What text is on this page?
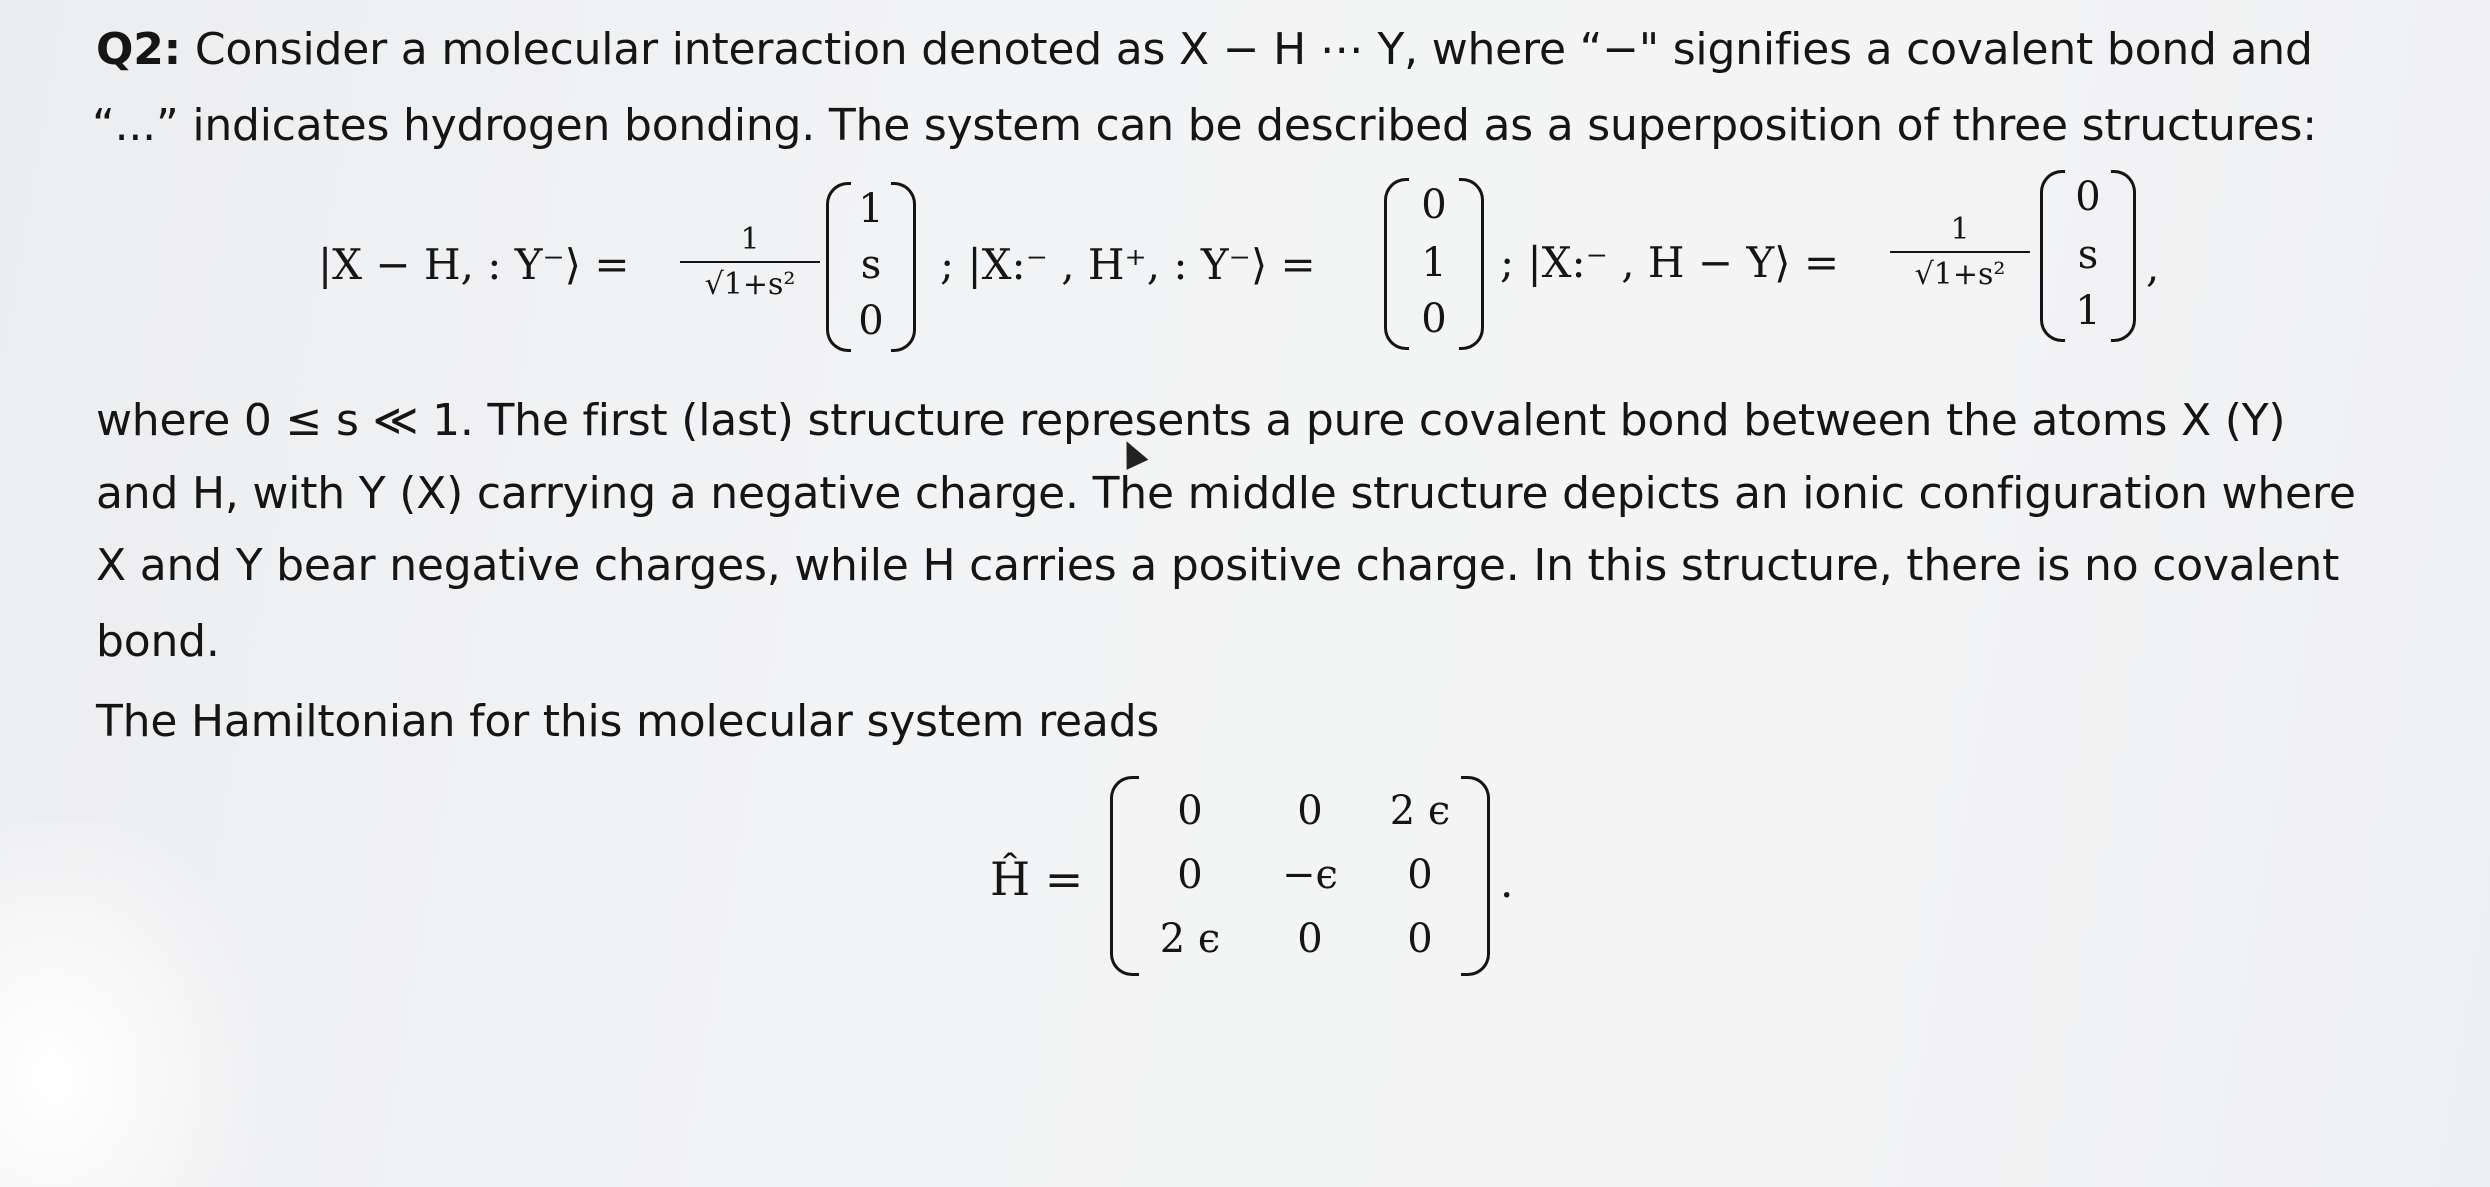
Q2: Consider a molecular interaction denoted as X − H ⋯ Y, where “−" signifies a covalent bond and
“...” indicates hydrogen bonding. The system can be described as a superposition of three structures:
|X − H, : Y⁻⟩ =
1
√1+s²
1
s
0
; |X:⁻ , H⁺, : Y⁻⟩ =
0
1
0
; |X:⁻ , H − Y⟩ =
1
√1+s²
0
s
1
,
where 0 ≤ s ≪ 1. The first (last) structure represents a pure covalent bond between the atoms X (Y)
and H, with Y (X) carrying a negative charge. The middle structure depicts an ionic configuration where
X and Y bear negative charges, while H carries a positive charge. In this structure, there is no covalent
bond.
The Hamiltonian for this molecular system reads
Ĥ =
0	0	2 ϵ
0	−ϵ	0
2 ϵ	0	0
.
